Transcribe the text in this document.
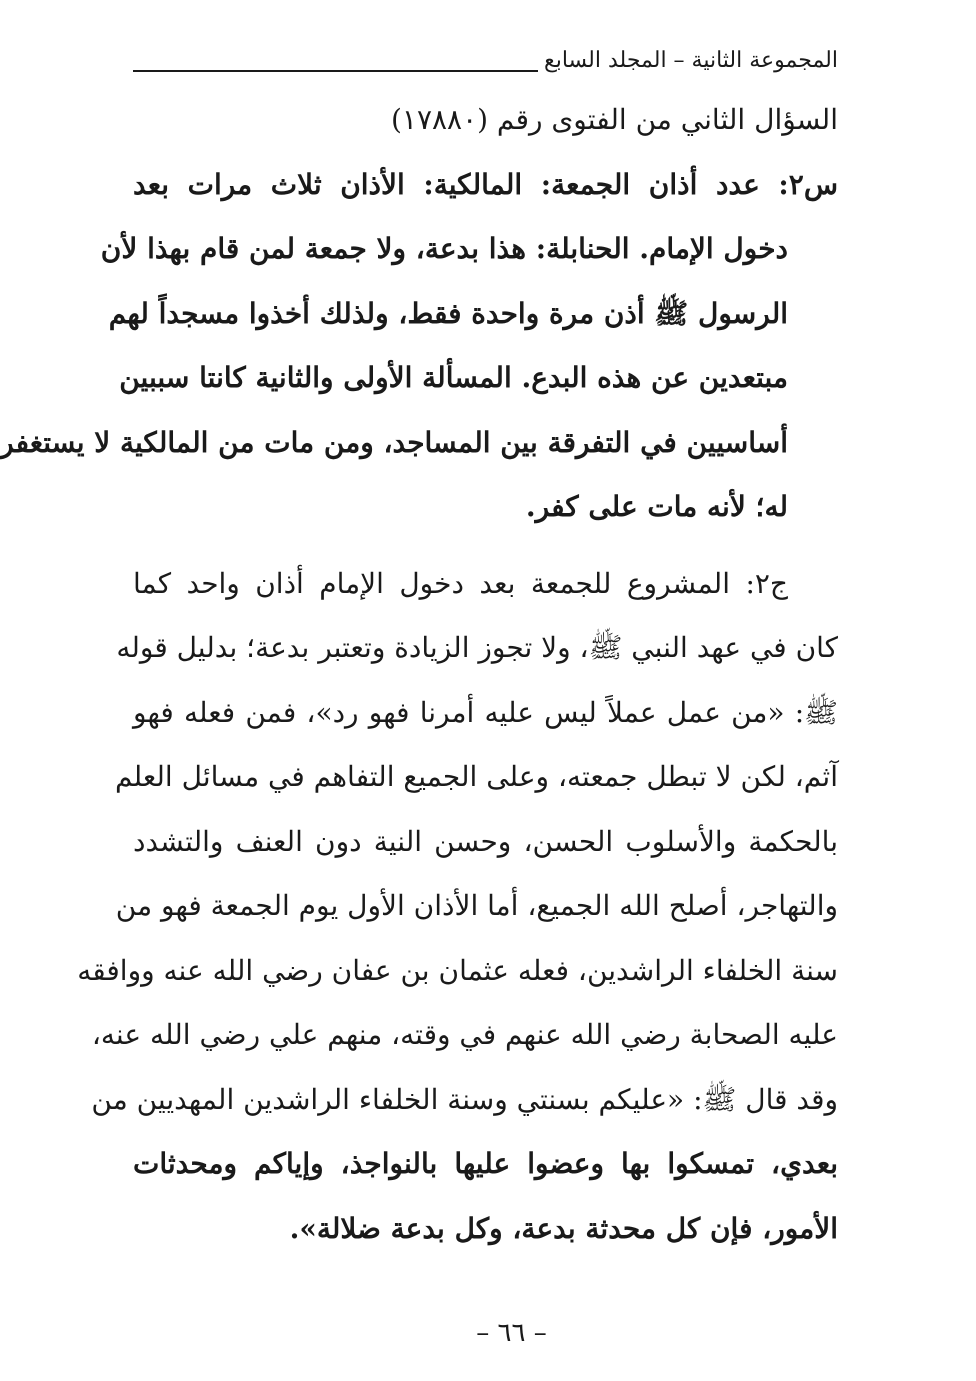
المجموعة الثانية – المجلد السابع
السؤال الثاني من الفتوى رقم (١٧٨٨٠)
س٢: عدد أذان الجمعة: المالكية: الأذان ثلاث مرات بعد
دخول الإمام. الحنابلة: هذا بدعة، ولا جمعة لمن قام بهذا لأن
الرسول ﷺ أذن مرة واحدة فقط، ولذلك أخذوا مسجداً لهم
مبتعدين عن هذه البدع. المسألة الأولى والثانية كانتا سببين
أساسيين في التفرقة بين المساجد، ومن مات من المالكية لا يستغفر
له؛ لأنه مات على كفر.
ج٢: المشروع للجمعة بعد دخول الإمام أذان واحد كما
كان في عهد النبي ﷺ، ولا تجوز الزيادة وتعتبر بدعة؛ بدليل قوله
ﷺ: «من عمل عملاً ليس عليه أمرنا فهو رد»، فمن فعله فهو
آثم، لكن لا تبطل جمعته، وعلى الجميع التفاهم في مسائل العلم
بالحكمة والأسلوب الحسن، وحسن النية دون العنف والتشدد
والتهاجر، أصلح الله الجميع، أما الأذان الأول يوم الجمعة فهو من
سنة الخلفاء الراشدين، فعله عثمان بن عفان رضي الله عنه ووافقه
عليه الصحابة رضي الله عنهم في وقته، منهم علي رضي الله عنه،
وقد قال ﷺ: «عليكم بسنتي وسنة الخلفاء الراشدين المهديين من
بعدي، تمسكوا بها وعضوا عليها بالنواجذ، وإياكم ومحدثات
الأمور، فإن كل محدثة بدعة، وكل بدعة ضلالة».
– ٦٦ –
